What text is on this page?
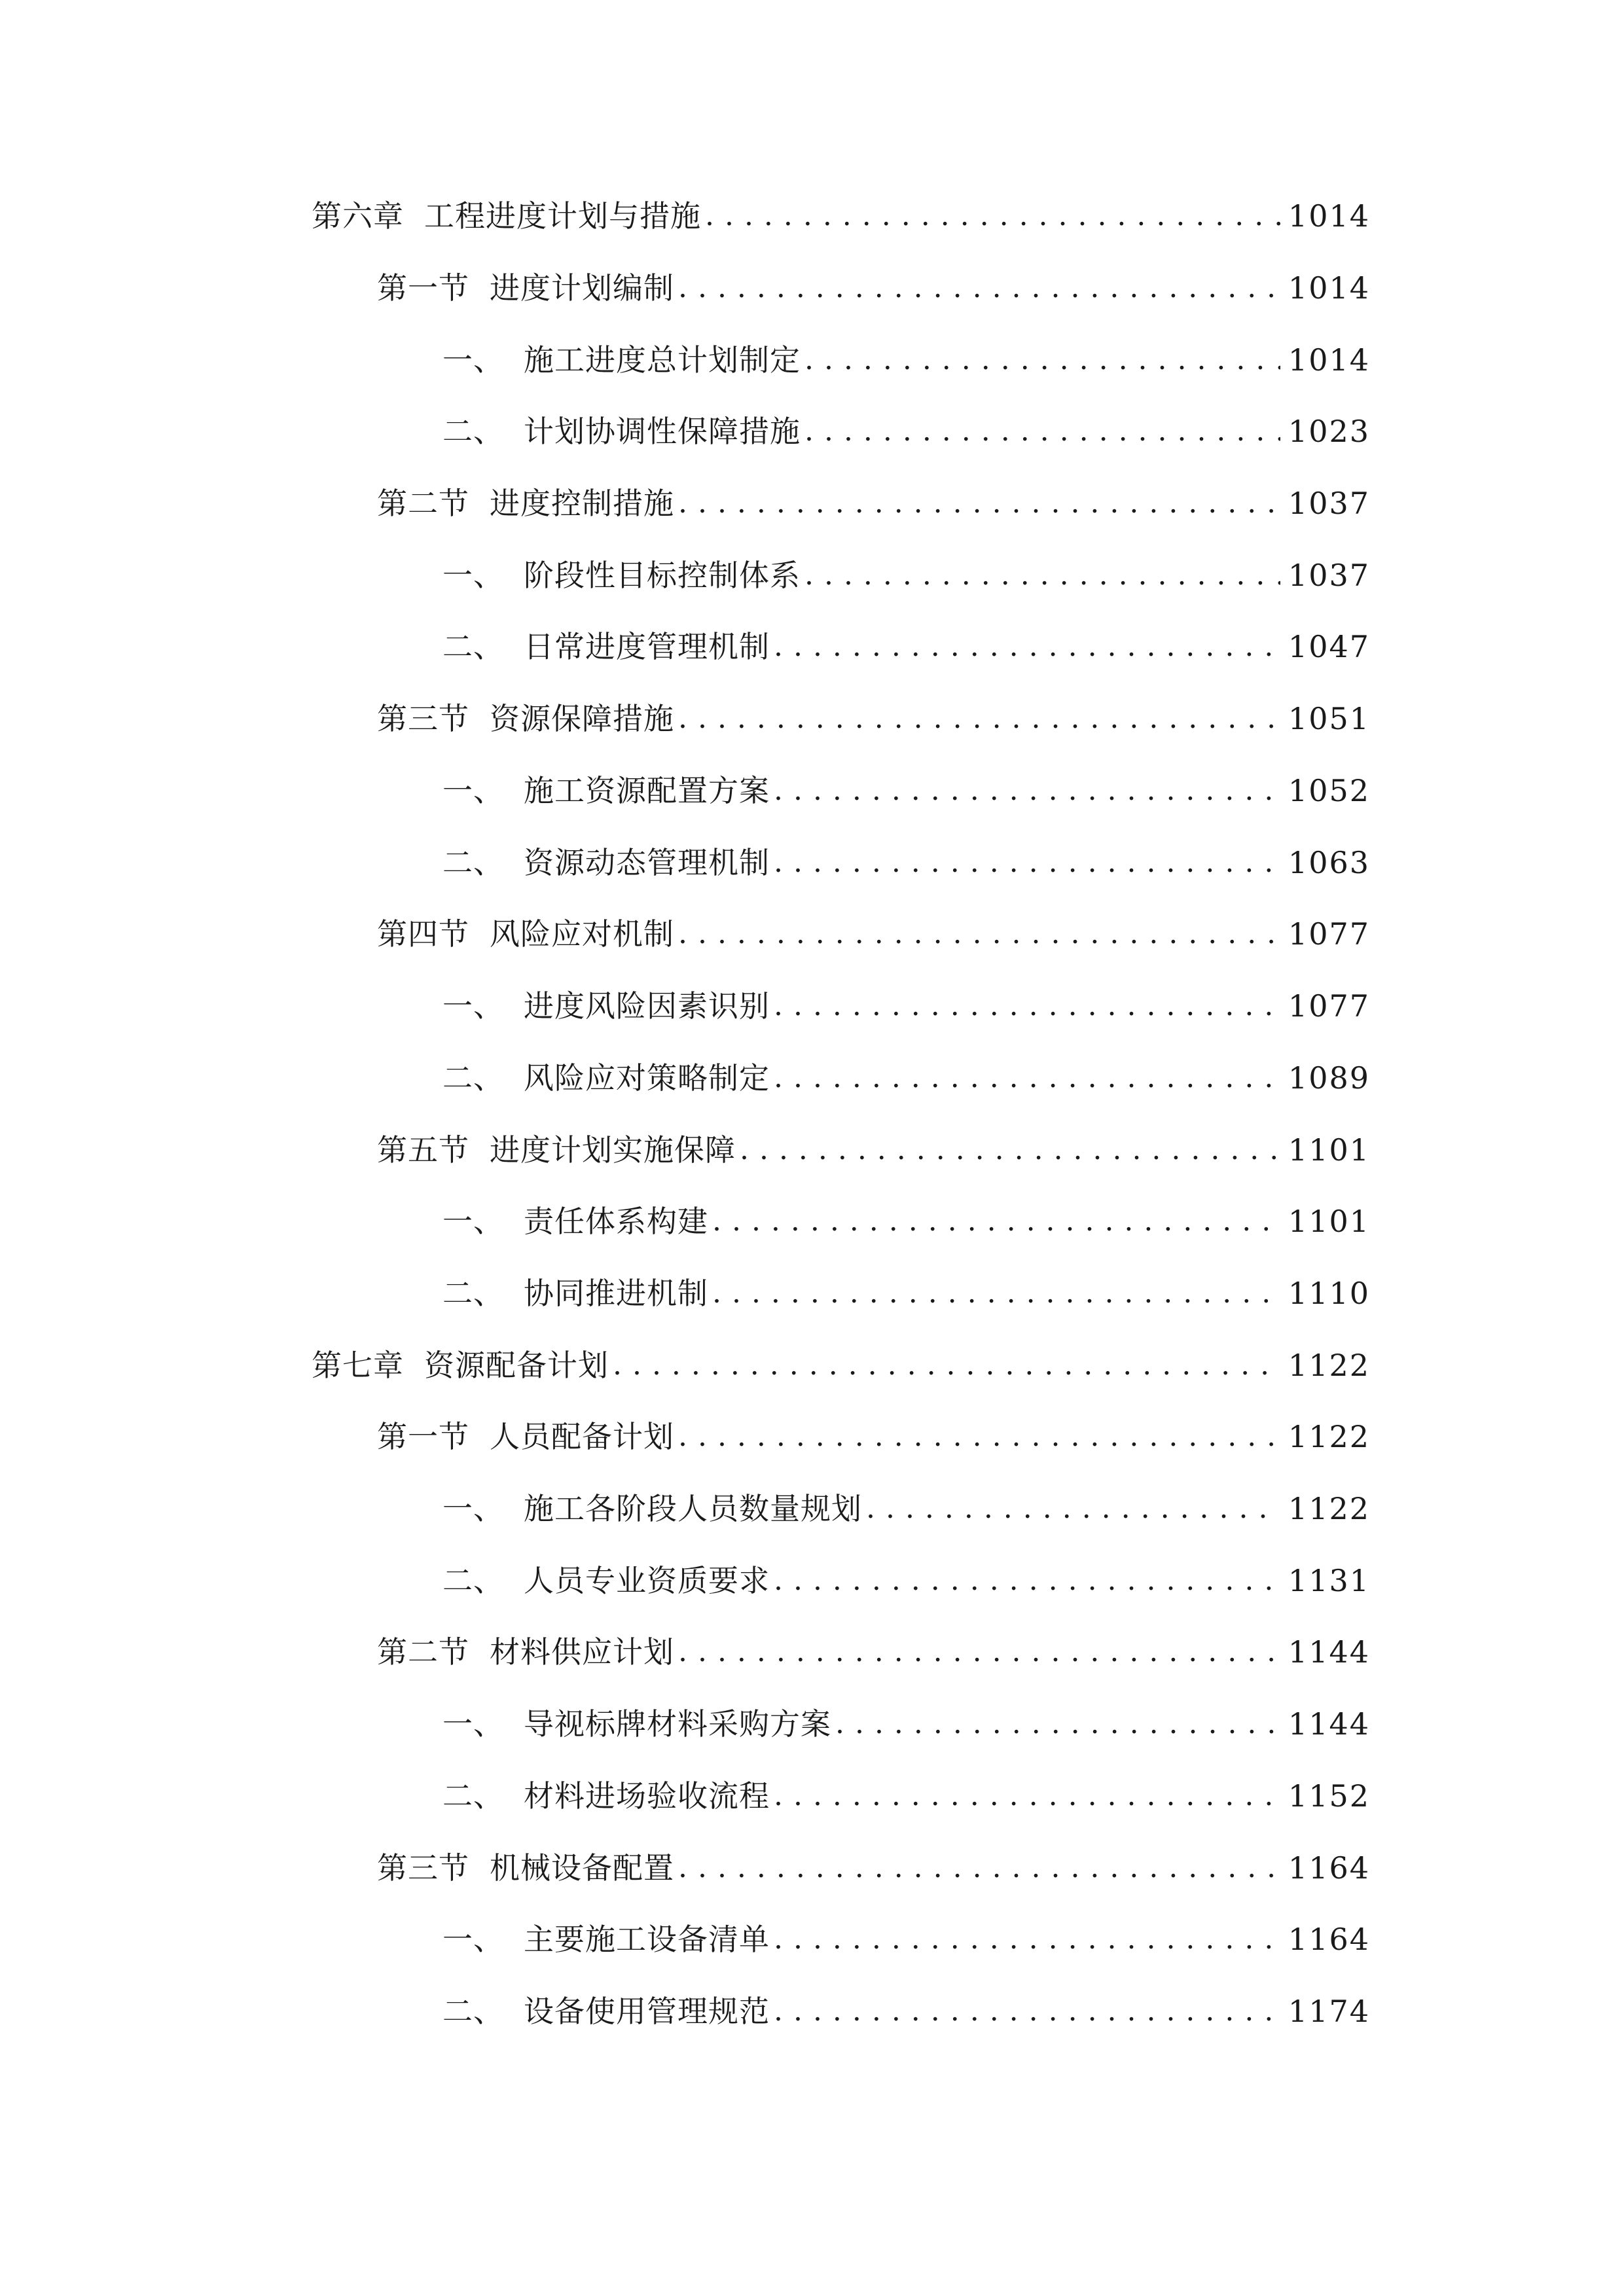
第六章 工程进度计划与措施 . . .	1014
第一节 进度计划编制 . . .	1014
一、 施工进度总计划制定 . . .	1014
二、 计划协调性保障措施 . . .	1023
第二节 进度控制措施 . . .	1037
一、 阶段性目标控制体系 . . .	1037
二、 日常进度管理机制 . . .	1047
第三节 资源保障措施 . . .	1051
一、 施工资源配置方案 . . .	1052
二、 资源动态管理机制 . . .	1063
第四节 风险应对机制 . . .	1077
一、 进度风险因素识别 . . .	1077
二、 风险应对策略制定 . . .	1089
第五节 进度计划实施保障 . . .	1101
一、 责任体系构建 . . .	1101
二、 协同推进机制 . . .	1110
第七章 资源配备计划 . . .	1122
第一节 人员配备计划 . . .	1122
一、 施工各阶段人员数量规划 . . .	1122
二、 人员专业资质要求 . . .	1131
第二节 材料供应计划 . . .	1144
一、 导视标牌材料采购方案 . . .	1144
二、 材料进场验收流程 . . .	1152
第三节 机械设备配置 . . .	1164
一、 主要施工设备清单 . . .	1164
二、 设备使用管理规范 . . .	1174
